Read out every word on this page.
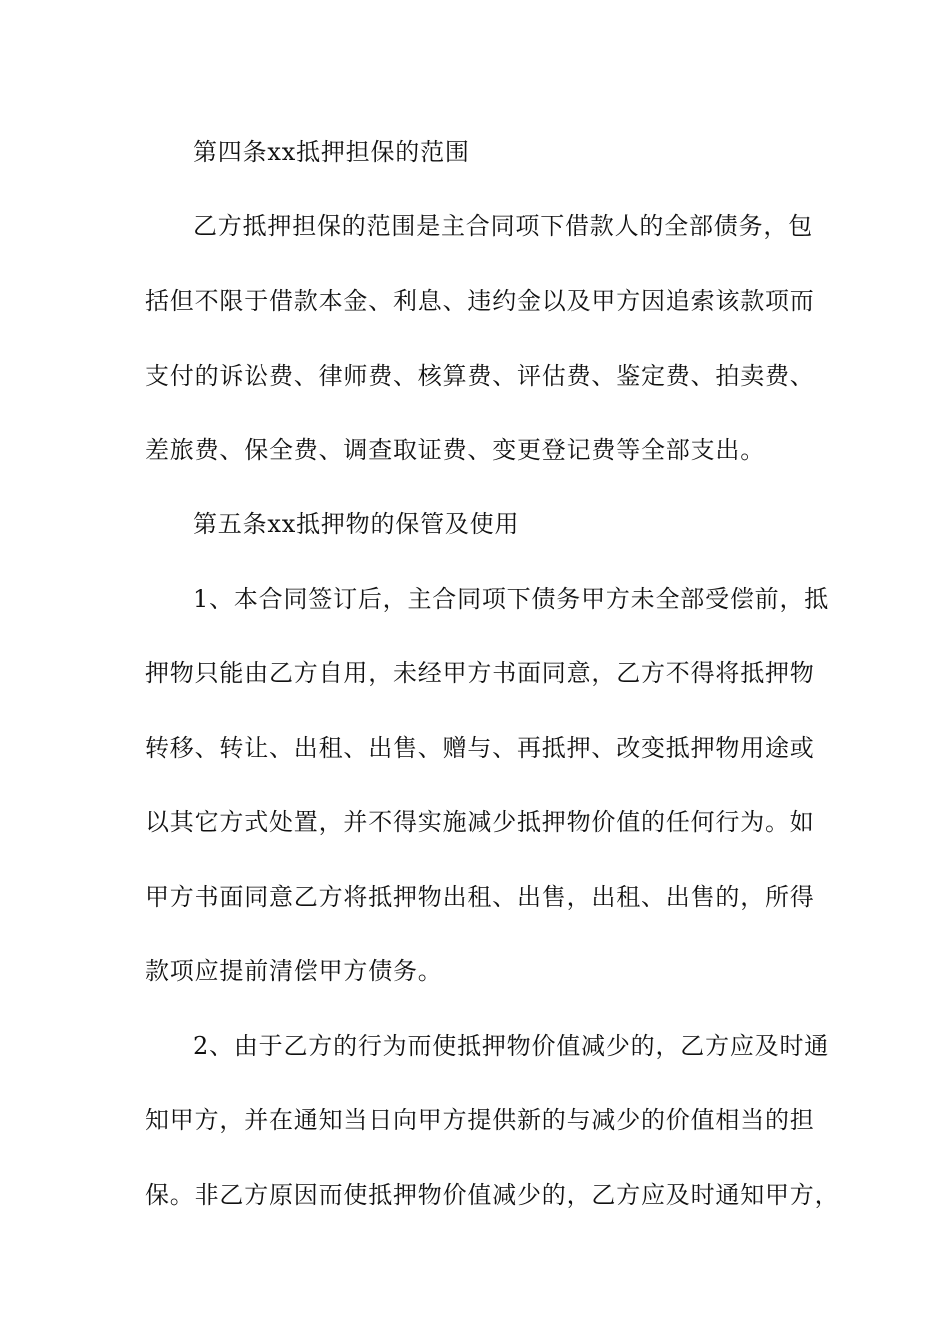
第四条xx抵押担保的范围
乙方抵押担保的范围是主合同项下借款人的全部债务，包
括但不限于借款本金、利息、违约金以及甲方因追索该款项而
支付的诉讼费、律师费、核算费、评估费、鉴定费、拍卖费、
差旅费、保全费、调查取证费、变更登记费等全部支出。
第五条xx抵押物的保管及使用
1、本合同签订后，主合同项下债务甲方未全部受偿前，抵
押物只能由乙方自用，未经甲方书面同意，乙方不得将抵押物
转移、转让、出租、出售、赠与、再抵押、改变抵押物用途或
以其它方式处置，并不得实施减少抵押物价值的任何行为。如
甲方书面同意乙方将抵押物出租、出售，出租、出售的，所得
款项应提前清偿甲方债务。
2、由于乙方的行为而使抵押物价值减少的，乙方应及时通
知甲方，并在通知当日向甲方提供新的与减少的价值相当的担
保。非乙方原因而使抵押物价值减少的，乙方应及时通知甲方，
